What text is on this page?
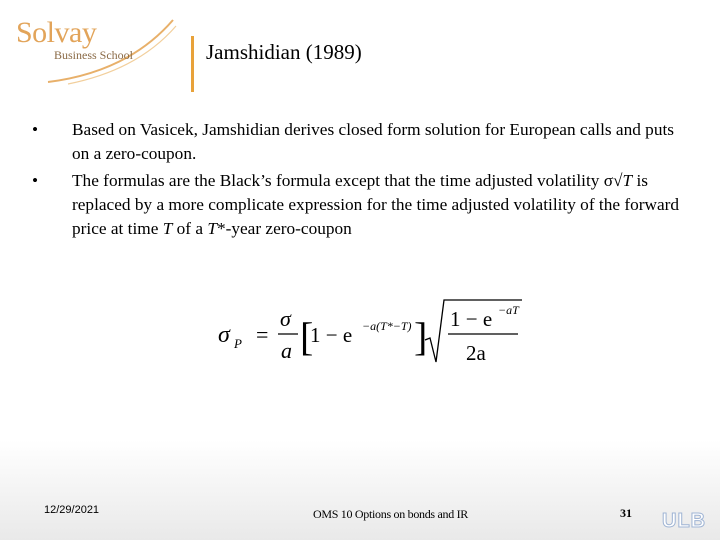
Solvay
Business School	Jamshidian (1989)
•	Based on Vasicek, Jamshidian derives closed form solution for European calls and puts on a zero-coupon.
•	The formulas are the Black’s formula except that the time adjusted volatility σ√T is replaced by a more complicate expression for the time adjusted volatility of the forward price at time T of a T*-year zero-coupon
σ P =
σ
a [
1 − e −a(T*−T) ] 1 − e −aT
2a
12/29/2021	OMS 10 Options on bonds and IR	31 ULB
